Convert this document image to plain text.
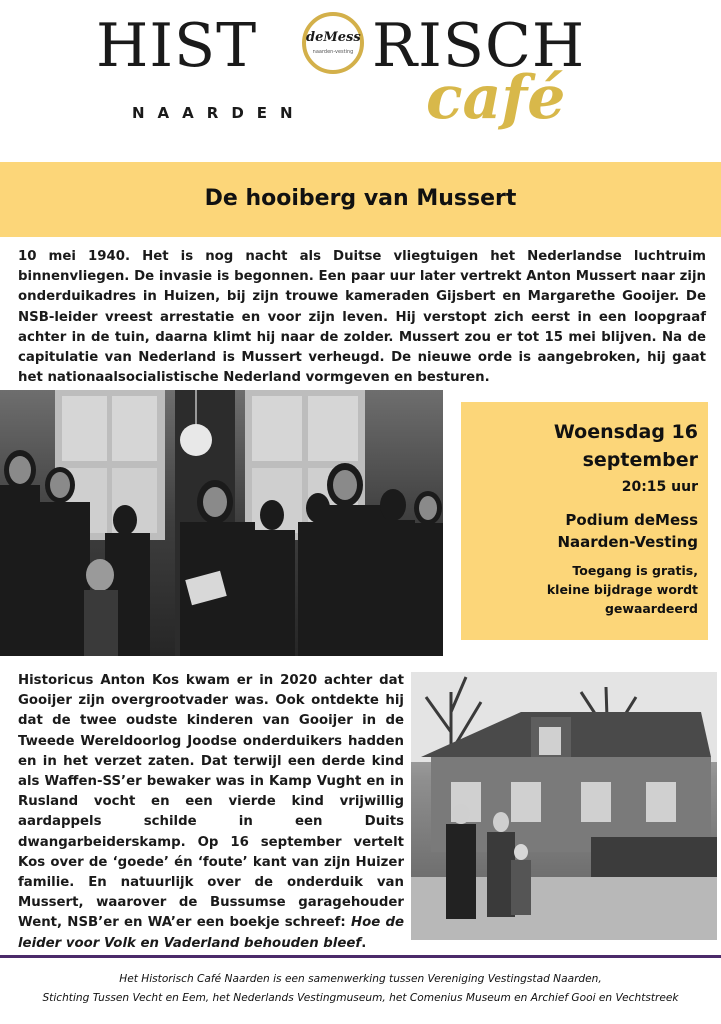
HIST	deMess
naarden-vesting RISCH
NAARDEN café
De hooiberg van Mussert

10 mei 1940. Het is nog nacht als Duitse vliegtuigen het Nederlandse luchtruim binnenvliegen. De invasie is begonnen. Een paar uur later vertrekt Anton Mussert naar zijn onderduikadres in Huizen, bij zijn trouwe kameraden Gijsbert en Margarethe Gooijer. De NSB-leider vreest arrestatie en voor zijn leven. Hij verstopt zich eerst in een loopgraaf achter in de tuin, daarna klimt hij naar de zolder. Mussert zou er tot 15 mei blijven. Na de capitulatie van Nederland is Mussert verheugd. De nieuwe orde is aangebroken, hij gaat het nationaalsocialistische Nederland vormgeven en besturen.

Woensdag 16
september
20:15 uur
Podium deMess
Naarden-Vesting
Toegang is gratis,
kleine bijdrage wordt
gewaardeerd

Historicus Anton Kos kwam er in 2020 achter dat Gooijer zijn overgrootvader was. Ook ontdekte hij dat de twee oudste kinderen van Gooijer in de Tweede Wereldoorlog Joodse onderduikers hadden en in het verzet zaten. Dat terwijl een derde kind als Waffen-SS’er bewaker was in Kamp Vught en in Rusland vocht en een vierde kind vrijwillig aardappels schilde in een Duits dwangarbeiderskamp. Op 16 september vertelt Kos over de ‘goede’ én ‘foute’ kant van zijn Huizer familie. En natuurlijk over de onderduik van Mussert, waarover de Bussumse garagehouder Went, NSB’er en WA’er een boekje schreef: Hoe de leider voor Volk en Vaderland behouden bleef.

Het Historisch Café Naarden is een samenwerking tussen Vereniging Vestingstad Naarden,
Stichting Tussen Vecht en Eem, het Nederlands Vestingmuseum, het Comenius Museum en Archief Gooi en Vechtstreek
